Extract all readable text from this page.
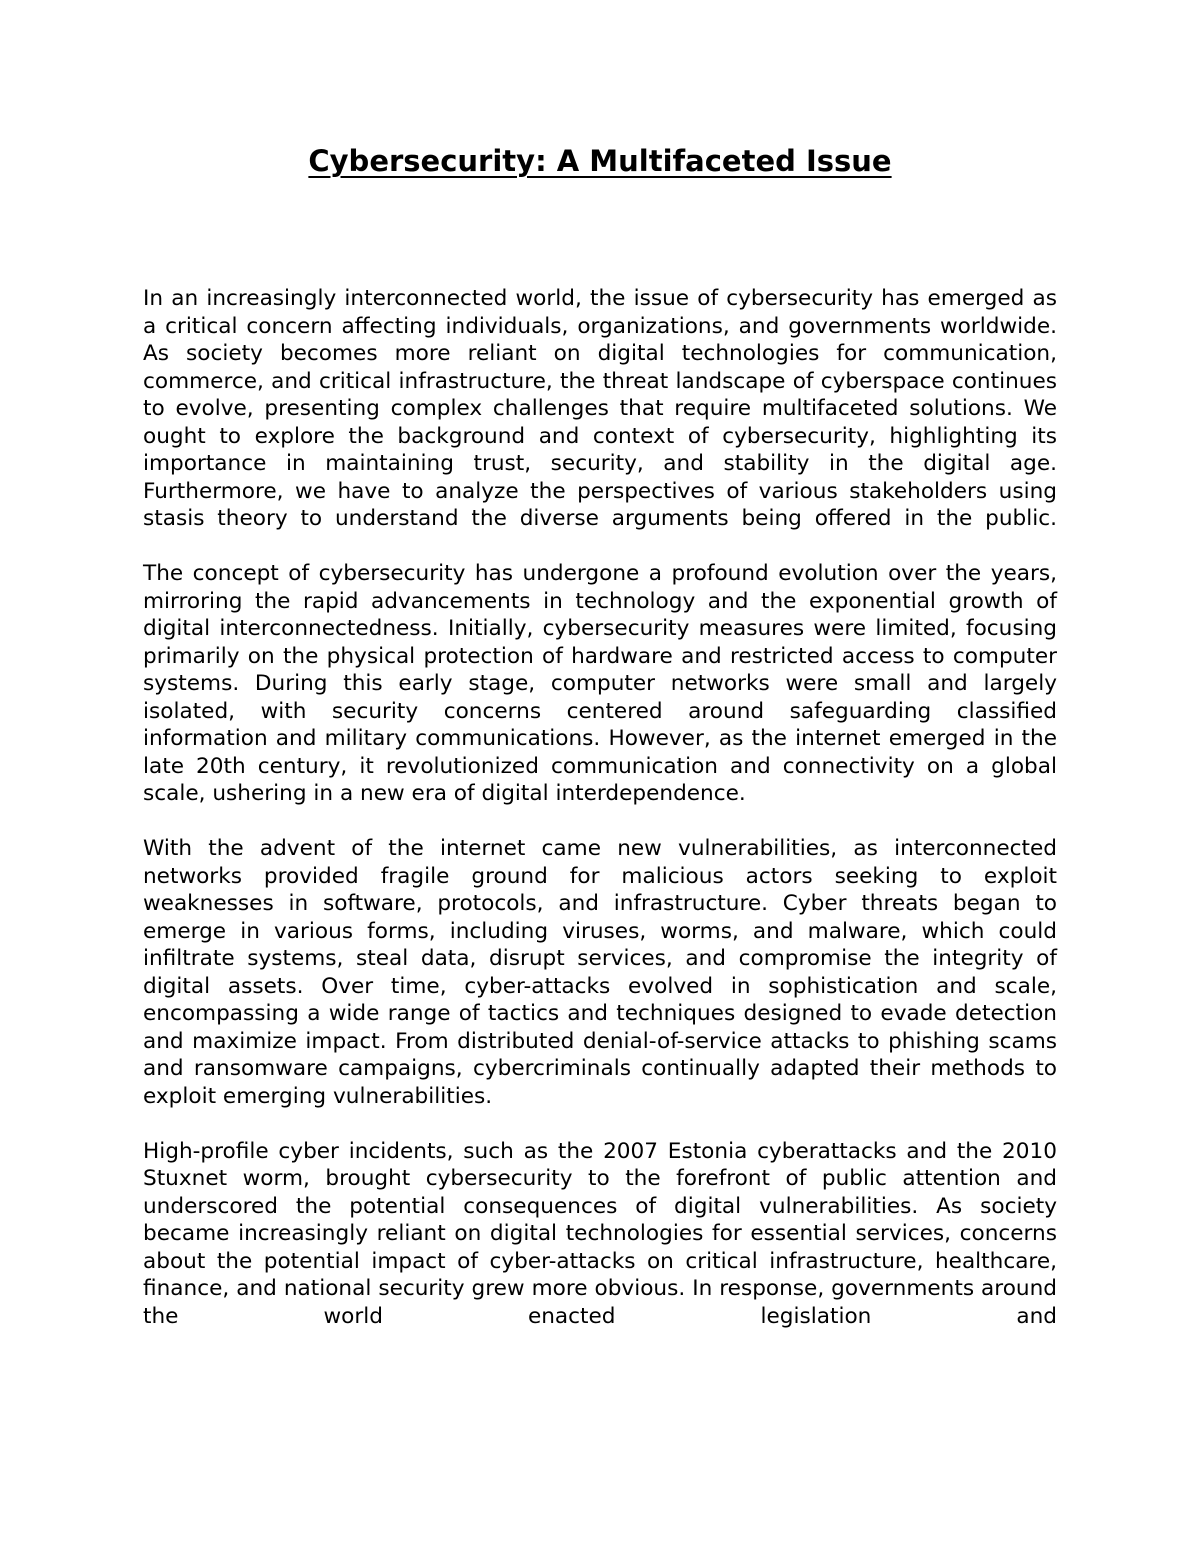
Cybersecurity: A Multifaceted Issue

In an increasingly interconnected world, the issue of cybersecurity has emerged as a critical concern affecting individuals, organizations, and governments worldwide. As society becomes more reliant on digital technologies for communication, commerce, and critical infrastructure, the threat landscape of cyberspace continues to evolve, presenting complex challenges that require multifaceted solutions. We ought to explore the background and context of cybersecurity, highlighting its importance in maintaining trust, security, and stability in the digital age. Furthermore, we have to analyze the perspectives of various stakeholders using stasis theory to understand the diverse arguments being offered in the public.

The concept of cybersecurity has undergone a profound evolution over the years, mirroring the rapid advancements in technology and the exponential growth of digital interconnectedness. Initially, cybersecurity measures were limited, focusing primarily on the physical protection of hardware and restricted access to computer systems. During this early stage, computer networks were small and largely isolated, with security concerns centered around safeguarding classified information and military communications. However, as the internet emerged in the late 20th century, it revolutionized communication and connectivity on a global scale, ushering in a new era of digital interdependence.

With the advent of the internet came new vulnerabilities, as interconnected networks provided fragile ground for malicious actors seeking to exploit weaknesses in software, protocols, and infrastructure. Cyber threats began to emerge in various forms, including viruses, worms, and malware, which could infiltrate systems, steal data, disrupt services, and compromise the integrity of digital assets. Over time, cyber-attacks evolved in sophistication and scale, encompassing a wide range of tactics and techniques designed to evade detection and maximize impact. From distributed denial-of-service attacks to phishing scams and ransomware campaigns, cybercriminals continually adapted their methods to exploit emerging vulnerabilities.

High-profile cyber incidents, such as the 2007 Estonia cyberattacks and the 2010 Stuxnet worm, brought cybersecurity to the forefront of public attention and underscored the potential consequences of digital vulnerabilities. As society became increasingly reliant on digital technologies for essential services, concerns about the potential impact of cyber-attacks on critical infrastructure, healthcare, finance, and national security grew more obvious. In response, governments around the world enacted legislation and
